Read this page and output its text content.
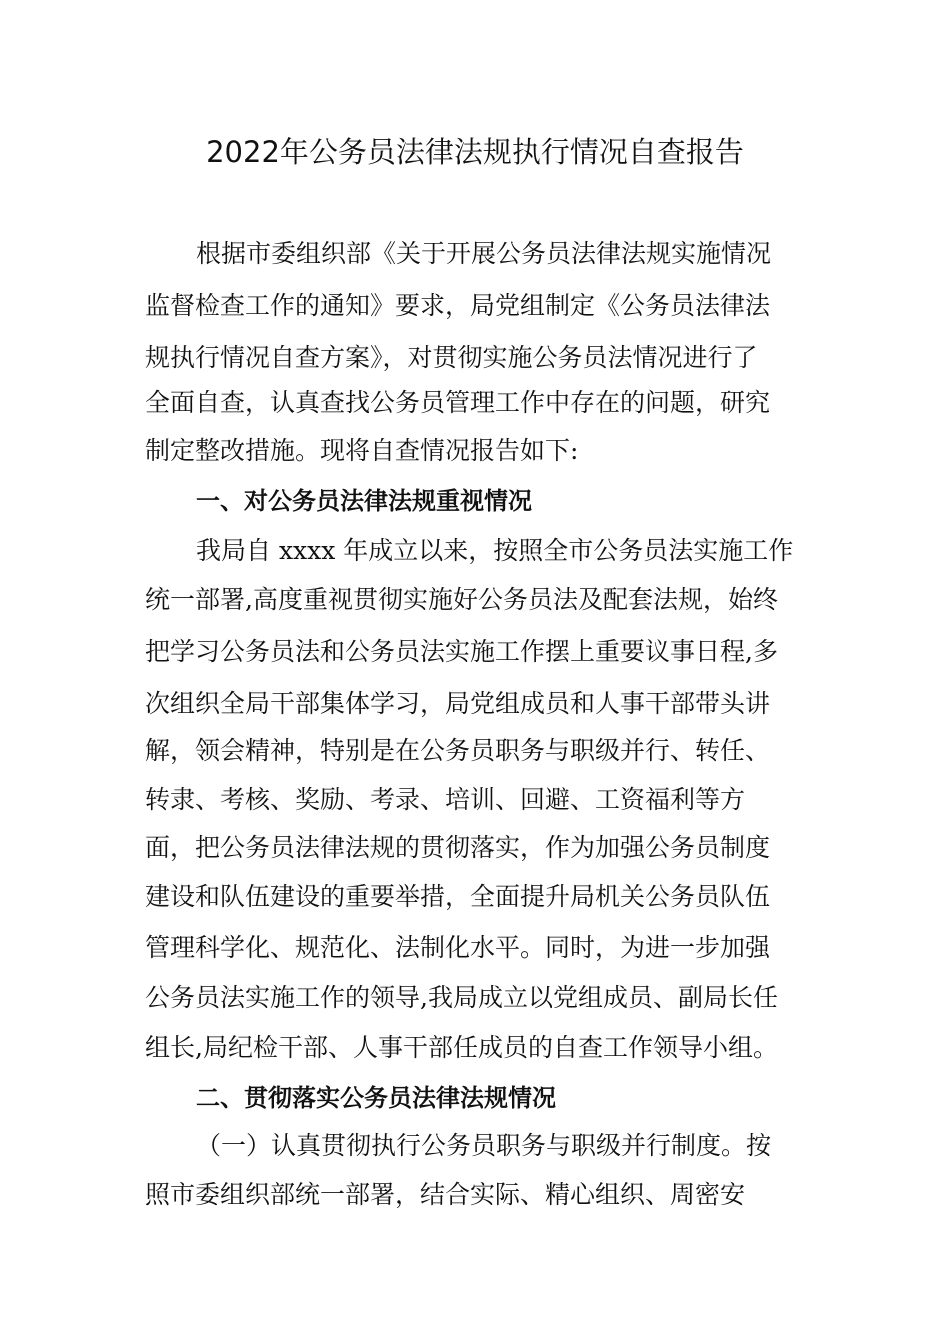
2022年公务员法律法规执行情况自查报告

根据市委组织部《关于开展公务员法律法规实施情况

监督检查工作的通知》要求，局党组制定《公务员法律法

规执行情况自查方案》，对贯彻实施公务员法情况进行了

全面自查，认真查找公务员管理工作中存在的问题，研究

制定整改措施。现将自查情况报告如下:

一、对公务员法律法规重视情况

我局自 xxxx 年成立以来，按照全市公务员法实施工作

统一部署,高度重视贯彻实施好公务员法及配套法规，始终

把学习公务员法和公务员法实施工作摆上重要议事日程,多

次组织全局干部集体学习，局党组成员和人事干部带头讲

解，领会精神，特别是在公务员职务与职级并行、转任、

转隶、考核、奖励、考录、培训、回避、工资福利等方

面，把公务员法律法规的贯彻落实，作为加强公务员制度

建设和队伍建设的重要举措，全面提升局机关公务员队伍

管理科学化、规范化、法制化水平。同时，为进一步加强

公务员法实施工作的领导,我局成立以党组成员、副局长任

组长,局纪检干部、人事干部任成员的自查工作领导小组。

二、贯彻落实公务员法律法规情况

（一）认真贯彻执行公务员职务与职级并行制度。按

照市委组织部统一部署，结合实际、精心组织、周密安
